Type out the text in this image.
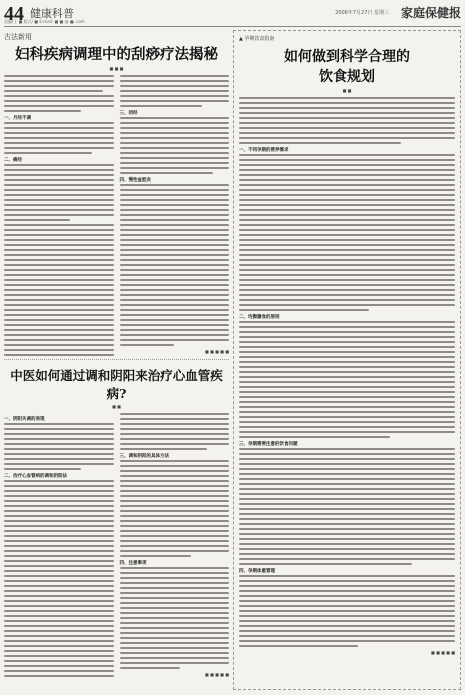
44 健康科普
责编/王 ■ 版式/ ■ E-mail: ■ ■ @ ■ .com
2006年7月27日 星期三 家庭保健报
古法新用
妇科疾病调理中的刮痧疗法揭秘
■ ■ ■
一、月经不调
二、痛经
三、闭经
四、慢性盆腔炎
■ ■ ■ ■ ■
中医如何通过调和阴阳来治疗心血管疾病?
■ ■
一、阴阳失调的表现
二、治疗心血管病的调和阴阳法
三、调和阴阳的具体方法
四、注意事项
■ ■ ■ ■ ■
▲ 孕期饮食指南
如何做到科学合理的
饮食规划
■ ■
一、不同孕期的营养需求
二、均衡膳食的原则
三、孕期需要注意的饮食问题
四、孕期体重管理
■ ■ ■ ■ ■
